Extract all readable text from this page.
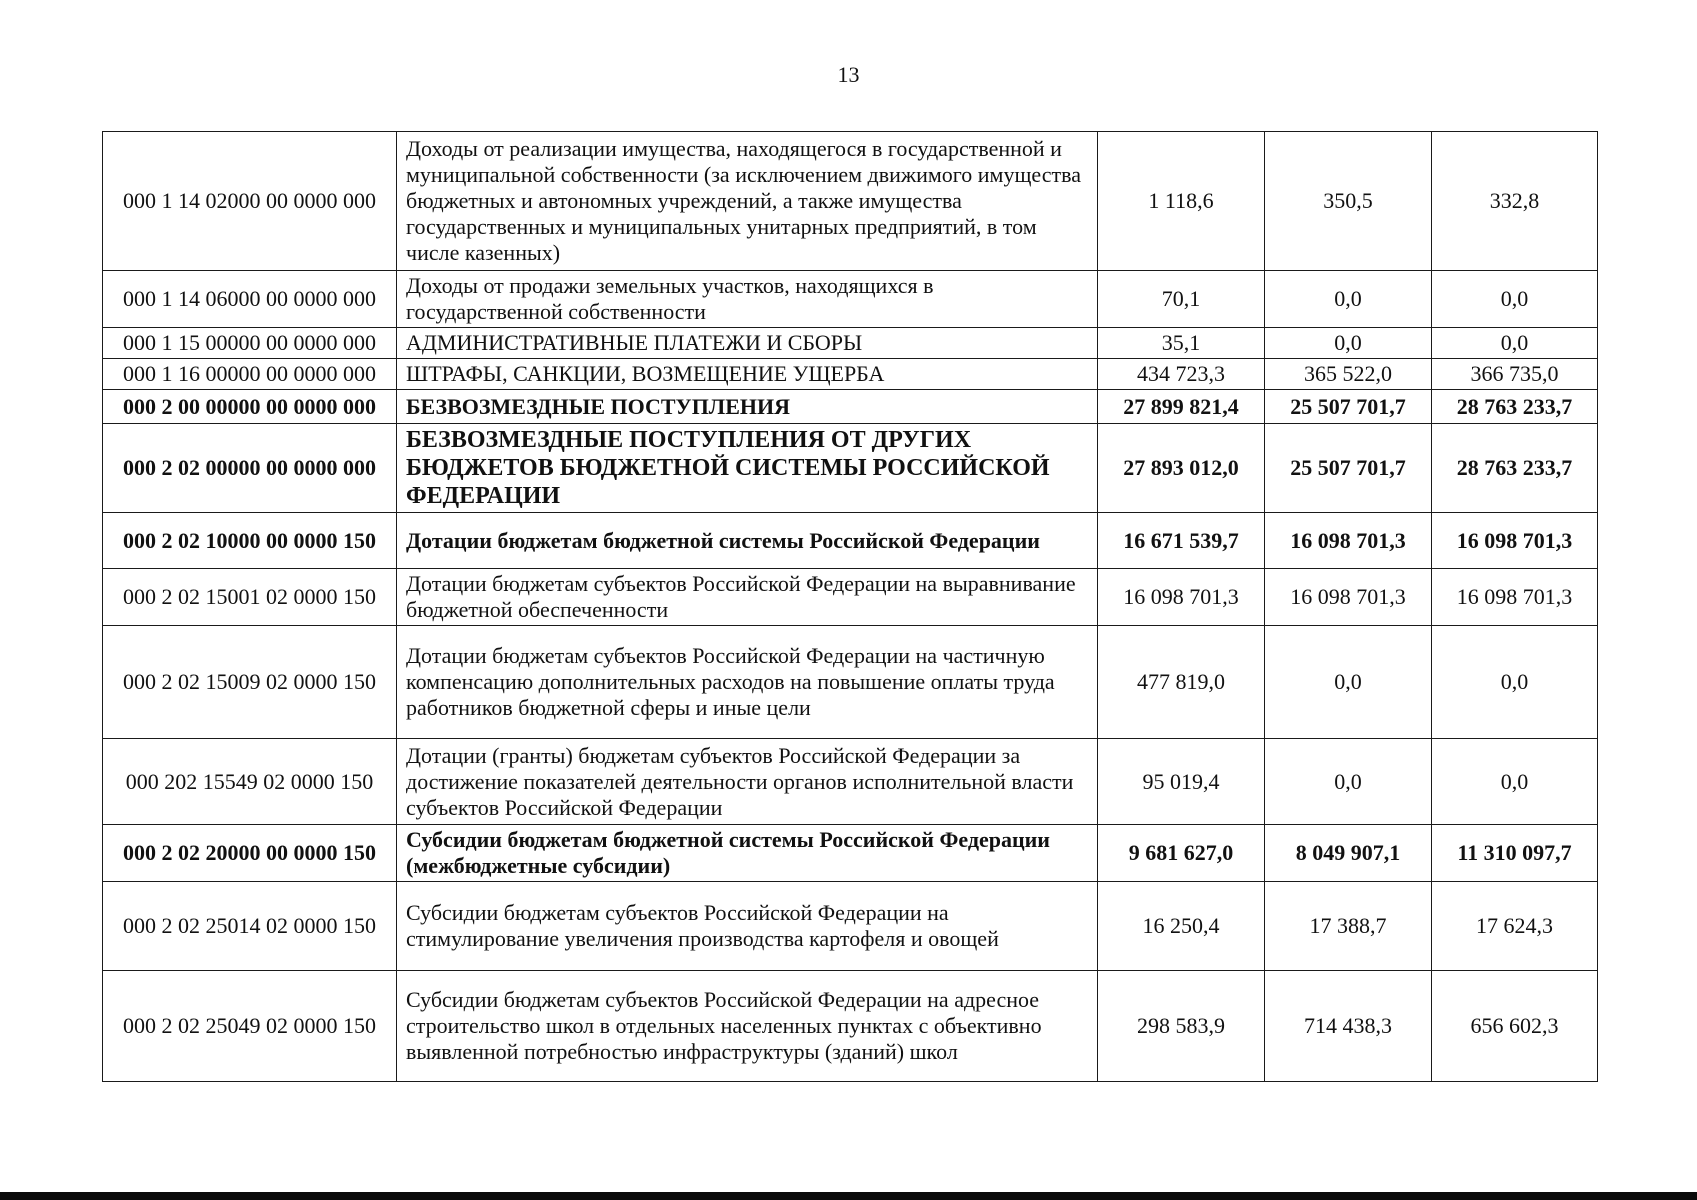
13
000 1 14 02000 00 0000 000	Доходы от реализации имущества, находящегося в государственной и муниципальной собственности (за исключением движимого имущества бюджетных и автономных учреждений, а также имущества государственных и муниципальных унитарных предприятий, в том числе казенных)	1 118,6	350,5	332,8
000 1 14 06000 00 0000 000	Доходы от продажи земельных участков, находящихся в государственной собственности	70,1	0,0	0,0
000 1 15 00000 00 0000 000	АДМИНИСТРАТИВНЫЕ ПЛАТЕЖИ И СБОРЫ	35,1	0,0	0,0
000 1 16 00000 00 0000 000	ШТРАФЫ, САНКЦИИ, ВОЗМЕЩЕНИЕ УЩЕРБА	434 723,3	365 522,0	366 735,0
000 2 00 00000 00 0000 000	БЕЗВОЗМЕЗДНЫЕ ПОСТУПЛЕНИЯ	27 899 821,4	25 507 701,7	28 763 233,7
000 2 02 00000 00 0000 000	БЕЗВОЗМЕЗДНЫЕ ПОСТУПЛЕНИЯ ОТ ДРУГИХ БЮДЖЕТОВ БЮДЖЕТНОЙ СИСТЕМЫ РОССИЙСКОЙ ФЕДЕРАЦИИ	27 893 012,0	25 507 701,7	28 763 233,7
000 2 02 10000 00 0000 150	Дотации бюджетам бюджетной системы Российской Федерации	16 671 539,7	16 098 701,3	16 098 701,3
000 2 02 15001 02 0000 150	Дотации бюджетам субъектов Российской Федерации на выравнивание бюджетной обеспеченности	16 098 701,3	16 098 701,3	16 098 701,3
000 2 02 15009 02 0000 150	Дотации бюджетам субъектов Российской Федерации на частичную компенсацию дополнительных расходов на повышение оплаты труда работников бюджетной сферы и иные цели	477 819,0	0,0	0,0
000 202 15549 02 0000 150	Дотации (гранты) бюджетам субъектов Российской Федерации за достижение показателей деятельности органов исполнительной власти субъектов Российской Федерации	95 019,4	0,0	0,0
000 2 02 20000 00 0000 150	Субсидии бюджетам бюджетной системы Российской Федерации (межбюджетные субсидии)	9 681 627,0	8 049 907,1	11 310 097,7
000 2 02 25014 02 0000 150	Субсидии бюджетам субъектов Российской Федерации на стимулирование увеличения производства картофеля и овощей	16 250,4	17 388,7	17 624,3
000 2 02 25049 02 0000 150	Субсидии бюджетам субъектов Российской Федерации на адресное строительство школ в отдельных населенных пунктах с объективно выявленной потребностью инфраструктуры (зданий) школ	298 583,9	714 438,3	656 602,3
